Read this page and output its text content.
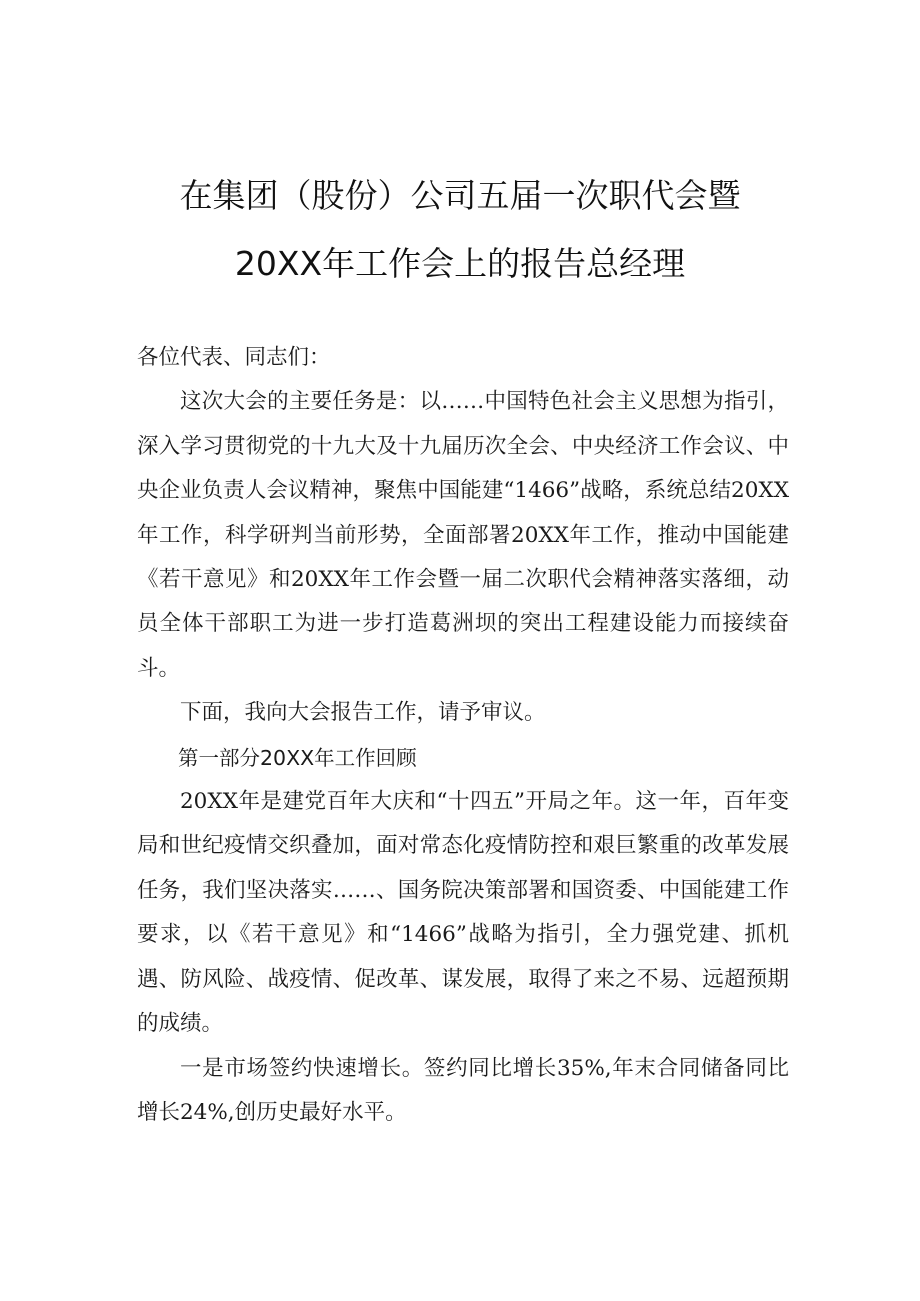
在集团（股份）公司五届一次职代会暨
20XX年工作会上的报告总经理

各位代表、同志们：

这次大会的主要任务是：以……中国特色社会主义思想为指引，深入学习贯彻党的十九大及十九届历次全会、中央经济工作会议、中央企业负责人会议精神，聚焦中国能建“1466”战略，系统总结20XX年工作，科学研判当前形势，全面部署20XX年工作，推动中国能建《若干意见》和20XX年工作会暨一届二次职代会精神落实落细，动员全体干部职工为进一步打造葛洲坝的突出工程建设能力而接续奋斗。

下面，我向大会报告工作，请予审议。

第一部分20XX年工作回顾

20XX年是建党百年大庆和“十四五”开局之年。这一年，百年变局和世纪疫情交织叠加，面对常态化疫情防控和艰巨繁重的改革发展任务，我们坚决落实……、国务院决策部署和国资委、中国能建工作要求，以《若干意见》和“1466”战略为指引，全力强党建、抓机遇、防风险、战疫情、促改革、谋发展，取得了来之不易、远超预期的成绩。

一是市场签约快速增长。签约同比增长35%,年末合同储备同比增长24%,创历史最好水平。
